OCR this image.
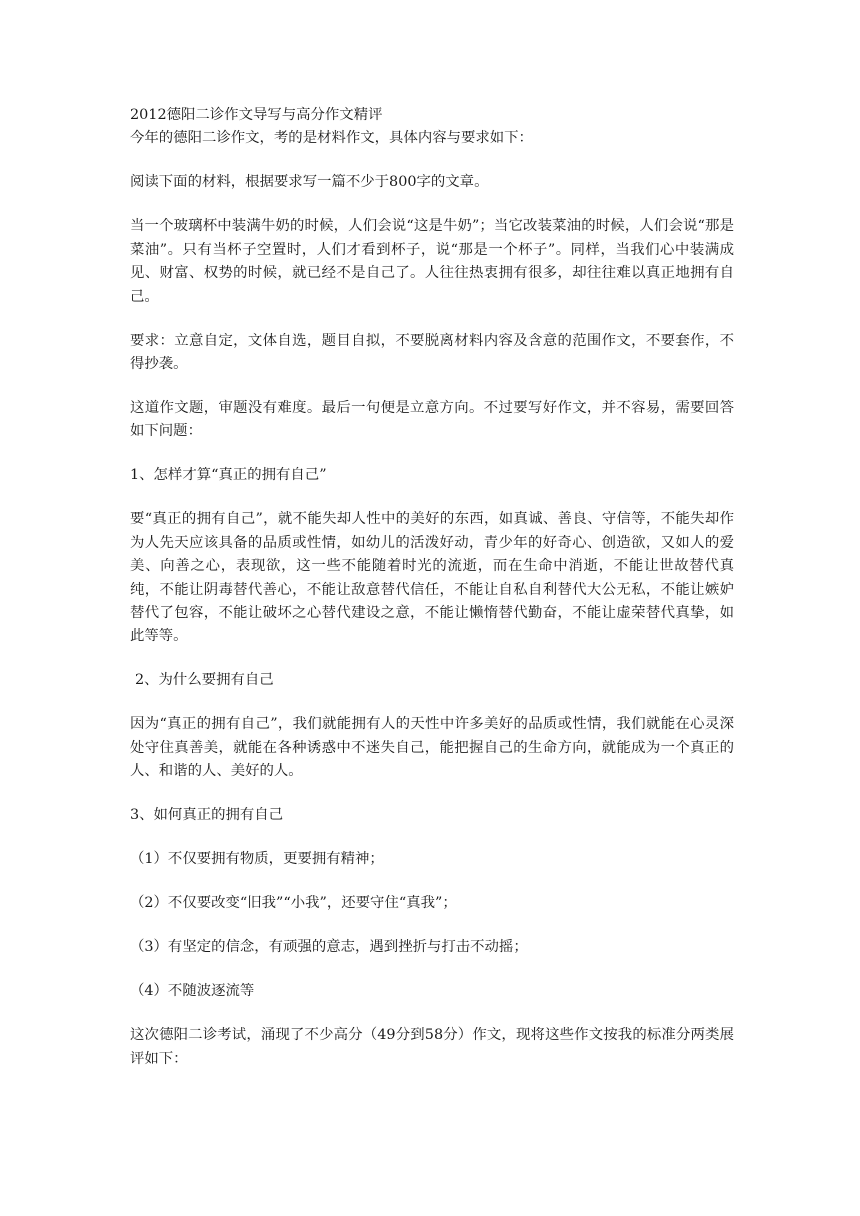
2012德阳二诊作文导写与高分作文精评

今年的德阳二诊作文，考的是材料作文，具体内容与要求如下：

阅读下面的材料，根据要求写一篇不少于800字的文章。

当一个玻璃杯中装满牛奶的时候，人们会说“这是牛奶”；当它改装菜油的时候，人们会说“那是菜油”。只有当杯子空置时，人们才看到杯子，说“那是一个杯子”。同样，当我们心中装满成见、财富、权势的时候，就已经不是自己了。人往往热衷拥有很多，却往往难以真正地拥有自己。

要求：立意自定，文体自选，题目自拟，不要脱离材料内容及含意的范围作文，不要套作，不得抄袭。

这道作文题，审题没有难度。最后一句便是立意方向。不过要写好作文，并不容易，需要回答如下问题：

1、怎样才算“真正的拥有自己”

要“真正的拥有自己”，就不能失却人性中的美好的东西，如真诚、善良、守信等，不能失却作为人先天应该具备的品质或性情，如幼儿的活泼好动，青少年的好奇心、创造欲，又如人的爱美、向善之心，表现欲，这一些不能随着时光的流逝，而在生命中消逝，不能让世故替代真纯，不能让阴毒替代善心，不能让敌意替代信任，不能让自私自利替代大公无私，不能让嫉妒替代了包容，不能让破坏之心替代建设之意，不能让懒惰替代勤奋，不能让虚荣替代真挚，如此等等。

2、为什么要拥有自己

因为“真正的拥有自己”，我们就能拥有人的天性中许多美好的品质或性情，我们就能在心灵深处守住真善美，就能在各种诱惑中不迷失自己，能把握自己的生命方向，就能成为一个真正的人、和谐的人、美好的人。

3、如何真正的拥有自己

（1）不仅要拥有物质，更要拥有精神；

（2）不仅要改变“旧我”“小我”，还要守住“真我”；

（3）有坚定的信念，有顽强的意志，遇到挫折与打击不动摇；

（4）不随波逐流等

这次德阳二诊考试，涌现了不少高分（49分到58分）作文，现将这些作文按我的标准分两类展评如下：
